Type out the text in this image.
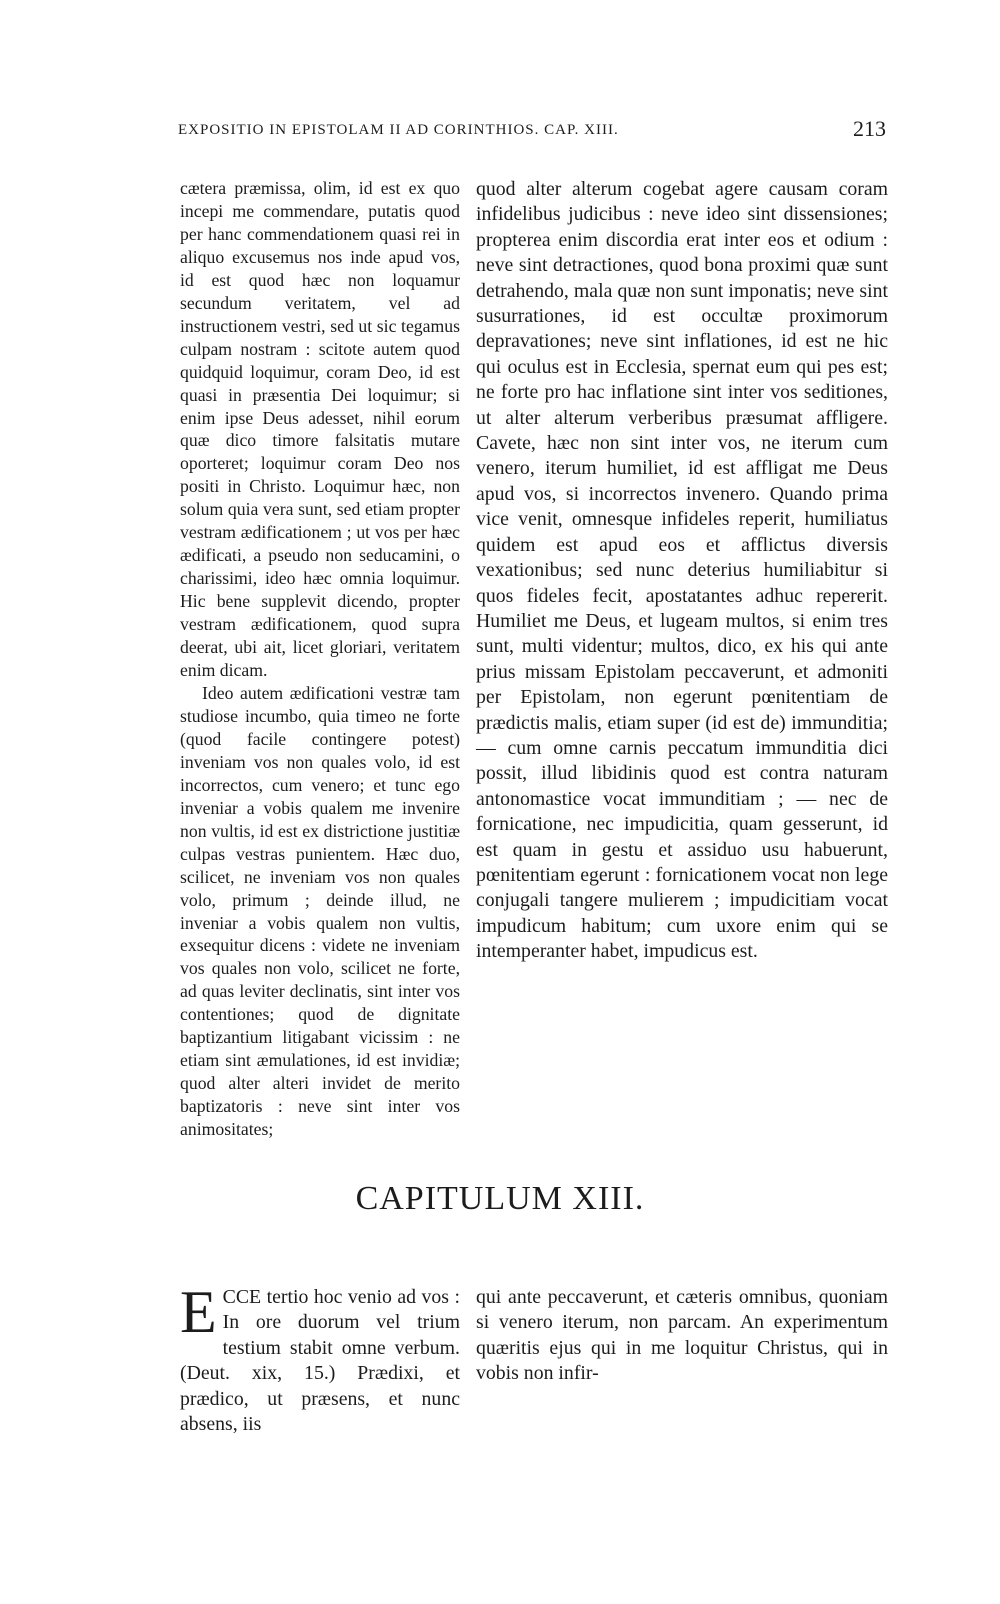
EXPOSITIO IN EPISTOLAM II AD CORINTHIOS. CAP. XIII.	213

cætera præmissa, olim, id est ex quo incepi me commendare, putatis quod per hanc commendationem quasi rei in aliquo excusemus nos inde apud vos, id est quod hæc non loquamur secundum veritatem, vel ad instructionem vestri, sed ut sic tegamus culpam nostram : scitote autem quod quidquid loquimur, coram Deo, id est quasi in præsentia Dei loquimur; si enim ipse Deus adesset, nihil eorum quæ dico timore falsitatis mutare oporteret; loquimur coram Deo nos positi in Christo. Loquimur hæc, non solum quia vera sunt, sed etiam propter vestram ædificationem ; ut vos per hæc ædificati, a pseudo non seducamini, o charissimi, ideo hæc omnia loquimur. Hic bene supplevit dicendo, propter vestram ædificationem, quod supra deerat, ubi ait, licet gloriari, veritatem enim dicam.

Ideo autem ædificationi vestræ tam studiose incumbo, quia timeo ne forte (quod facile contingere potest) inveniam vos non quales volo, id est incorrectos, cum venero; et tunc ego inveniar a vobis qualem me invenire non vultis, id est ex districtione justitiæ culpas vestras punientem. Hæc duo, scilicet, ne inveniam vos non quales volo, primum ; deinde illud, ne inveniar a vobis qualem non vultis, exsequitur dicens : videte ne inveniam vos quales non volo, scilicet ne forte, ad quas leviter declinatis, sint inter vos contentiones; quod de dignitate baptizantium litigabant vicissim : ne etiam sint æmulationes, id est invidiæ; quod alter alteri invidet de merito baptizatoris : neve sint inter vos animositates;

quod alter alterum cogebat agere causam coram infidelibus judicibus : neve ideo sint dissensiones; propterea enim discordia erat inter eos et odium : neve sint detractiones, quod bona proximi quæ sunt detrahendo, mala quæ non sunt imponatis; neve sint susurrationes, id est occultæ proximorum depravationes; neve sint inflationes, id est ne hic qui oculus est in Ecclesia, spernat eum qui pes est; ne forte pro hac inflatione sint inter vos seditiones, ut alter alterum verberibus præsumat affligere. Cavete, hæc non sint inter vos, ne iterum cum venero, iterum humiliet, id est affligat me Deus apud vos, si incorrectos invenero. Quando prima vice venit, omnesque infideles reperit, humiliatus quidem est apud eos et afflictus diversis vexationibus; sed nunc deterius humiliabitur si quos fideles fecit, apostatantes adhuc repererit. Humiliet me Deus, et lugeam multos, si enim tres sunt, multi videntur; multos, dico, ex his qui ante prius missam Epistolam peccaverunt, et admoniti per Epistolam, non egerunt pœnitentiam de prædictis malis, etiam super (id est de) immunditia; — cum omne carnis peccatum immunditia dici possit, illud libidinis quod est contra naturam antonomastice vocat immunditiam ; — nec de fornicatione, nec impudicitia, quam gesserunt, id est quam in gestu et assiduo usu habuerunt, pœnitentiam egerunt : fornicationem vocat non lege conjugali tangere mulierem ; impudicitiam vocat impudicum habitum; cum uxore enim qui se intemperanter habet, impudicus est.

CAPITULUM XIII.

E CCE tertio hoc venio ad vos : In ore duorum vel trium testium stabit omne verbum. (Deut. xix, 15.) Prædixi, et prædico, ut præsens, et nunc absens, iis

qui ante peccaverunt, et cæteris omnibus, quoniam si venero iterum, non parcam. An experimentum quæritis ejus qui in me loquitur Christus, qui in vobis non infir-
